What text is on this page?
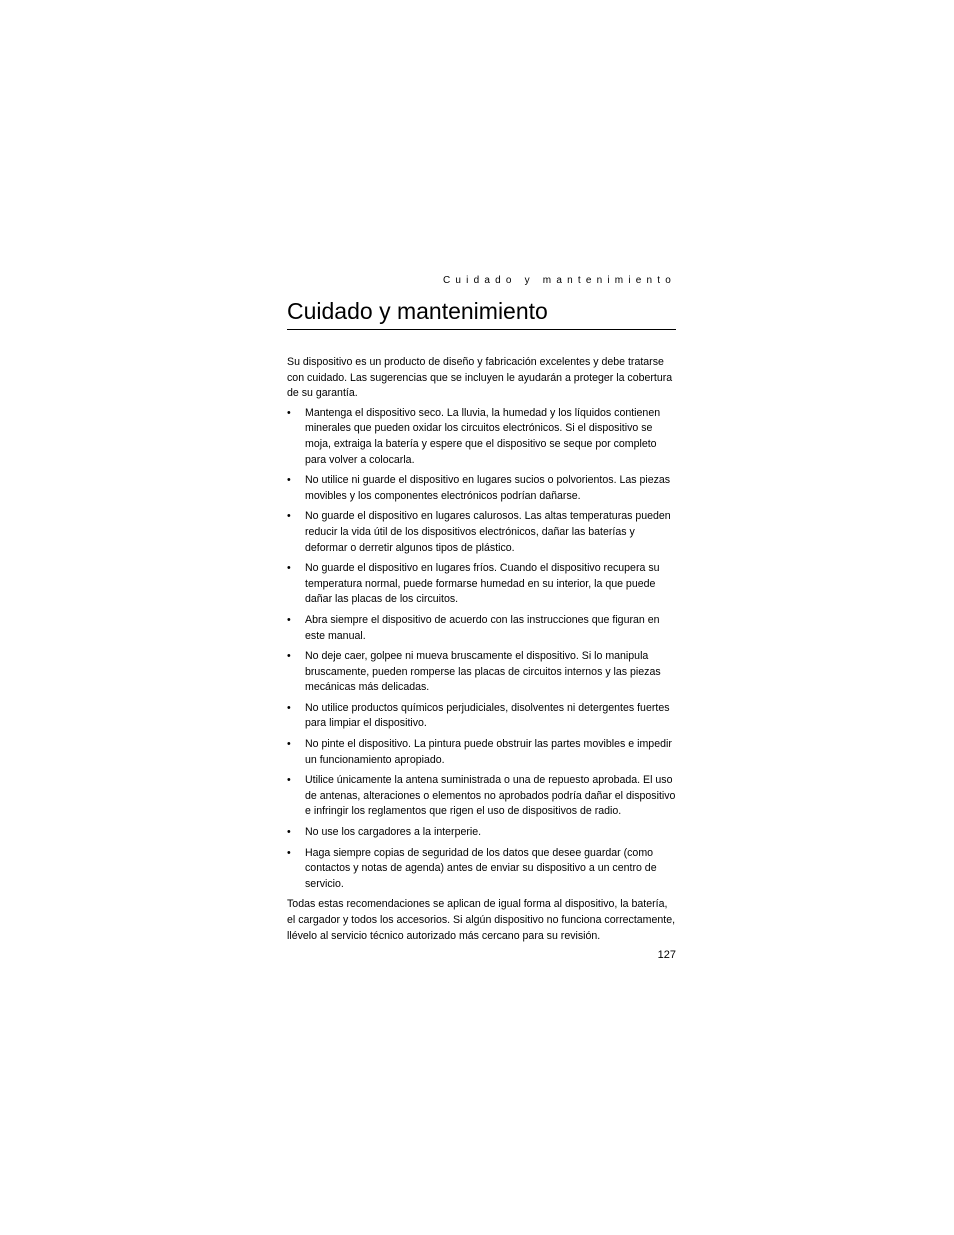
Cuidado y mantenimiento
Cuidado y mantenimiento

Su dispositivo es un producto de diseño y fabricación excelentes y debe tratarse con cuidado. Las sugerencias que se incluyen le ayudarán a proteger la cobertura de su garantía.

• Mantenga el dispositivo seco. La lluvia, la humedad y los líquidos contienen minerales que pueden oxidar los circuitos electrónicos. Si el dispositivo se moja, extraiga la batería y espere que el dispositivo se seque por completo para volver a colocarla.
• No utilice ni guarde el dispositivo en lugares sucios o polvorientos. Las piezas movibles y los componentes electrónicos podrían dañarse.
• No guarde el dispositivo en lugares calurosos. Las altas temperaturas pueden reducir la vida útil de los dispositivos electrónicos, dañar las baterías y deformar o derretir algunos tipos de plástico.
• No guarde el dispositivo en lugares fríos. Cuando el dispositivo recupera su temperatura normal, puede formarse humedad en su interior, la que puede dañar las placas de los circuitos.
• Abra siempre el dispositivo de acuerdo con las instrucciones que figuran en este manual.
• No deje caer, golpee ni mueva bruscamente el dispositivo. Si lo manipula bruscamente, pueden romperse las placas de circuitos internos y las piezas mecánicas más delicadas.
• No utilice productos químicos perjudiciales, disolventes ni detergentes fuertes para limpiar el dispositivo.
• No pinte el dispositivo. La pintura puede obstruir las partes movibles e impedir un funcionamiento apropiado.
• Utilice únicamente la antena suministrada o una de repuesto aprobada. El uso de antenas, alteraciones o elementos no aprobados podría dañar el dispositivo e infringir los reglamentos que rigen el uso de dispositivos de radio.
• No use los cargadores a la interperie.
• Haga siempre copias de seguridad de los datos que desee guardar (como contactos y notas de agenda) antes de enviar su dispositivo a un centro de servicio.

Todas estas recomendaciones se aplican de igual forma al dispositivo, la batería, el cargador y todos los accesorios. Si algún dispositivo no funciona correctamente, llévelo al servicio técnico autorizado más cercano para su revisión.

127
